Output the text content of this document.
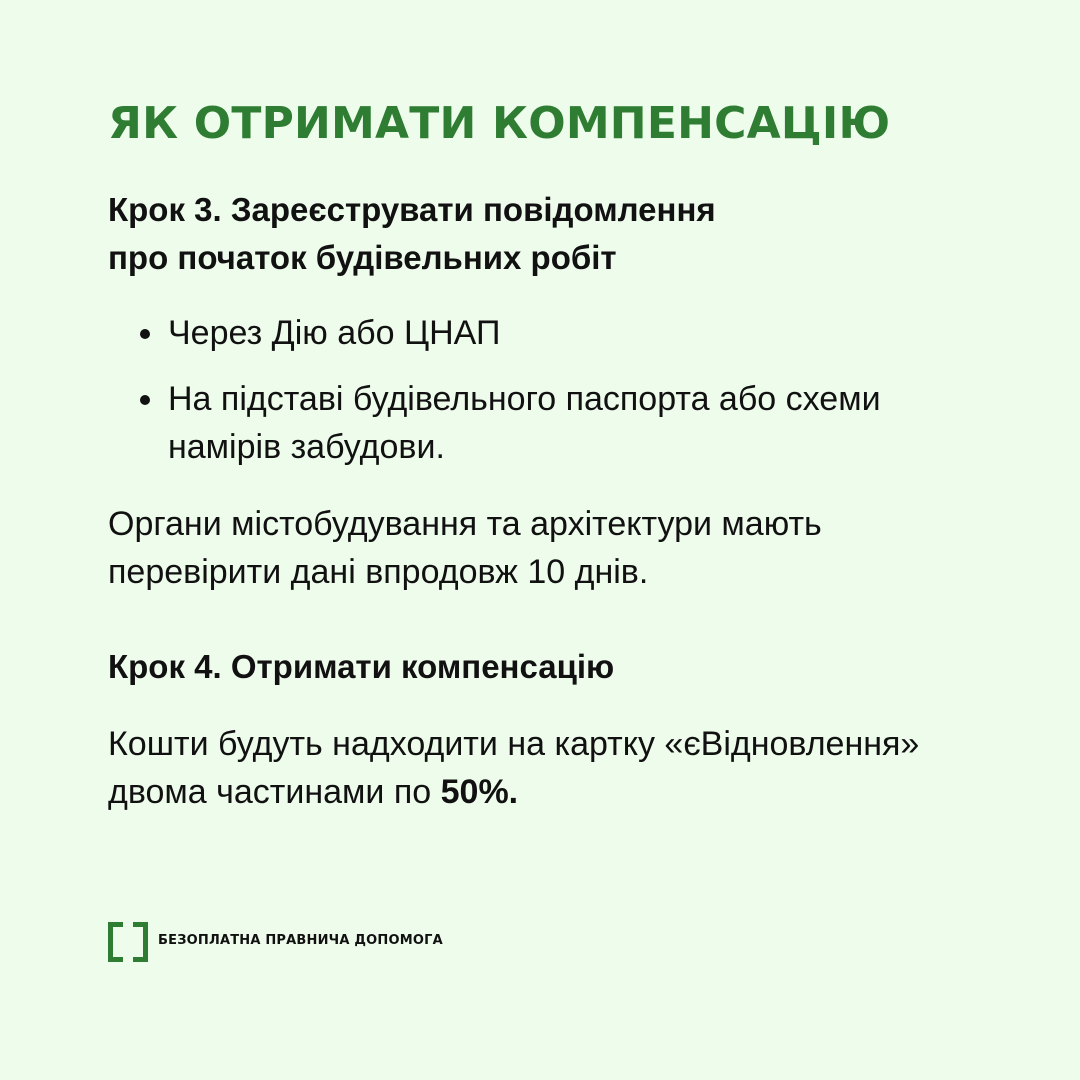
ЯК ОТРИМАТИ КОМПЕНСАЦІЮ
Крок 3. Зареєструвати повідомлення
про початок будівельних робіт
Через Дію або ЦНАП
На підставі будівельного паспорта або схеми намірів забудови.

Органи містобудування та архітектури мають
перевірити дані впродовж 10 днів.

Крок 4. Отримати компенсацію

Кошти будуть надходити на картку «єВідновлення»
двома частинами по 50%.

БЕЗОПЛАТНА ПРАВНИЧА ДОПОМОГА
